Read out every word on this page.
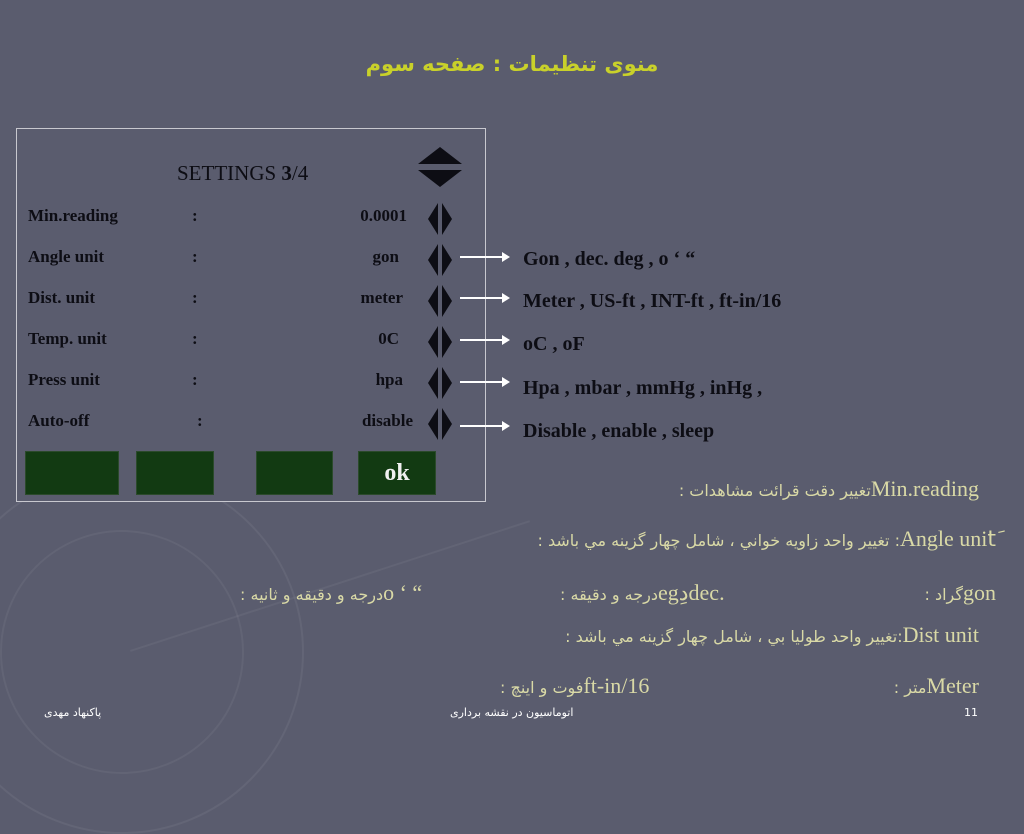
منوی تنظیمات : صفحه سوم
SETTINGS 3/4
Min.reading	:	0.0001
Angle unit	:	gon
Dist. unit	:	meter
Temp. unit	:	0C
Press unit	:	hpa
Auto-off	:	disable
ok
Gon , dec. deg , o ‘ “
Meter , US-ft , INT-ft , ft-in/16
oC , oF
Hpa , mbar , mmHg , inHg ,
Disable , enable , sleep
: تغيير دقت قرائت مشاهداتMin.reading
: تغيير واحد زاويه خواني ، شامل چهار گزينه مي باشد :Angle unitَ
: گرادgon
: درجه و دقيقهegدِdec.
: درجه و دقيقه و ثانيهo ‘ “
: تغيير واحد طوليا بي ، شامل چهار گزينه مي باشد:Dist unit
: مترMeter
: فوت و اينچft-in/16
پاکنهاد مهدی	اتوماسیون در نقشه برداری	11
